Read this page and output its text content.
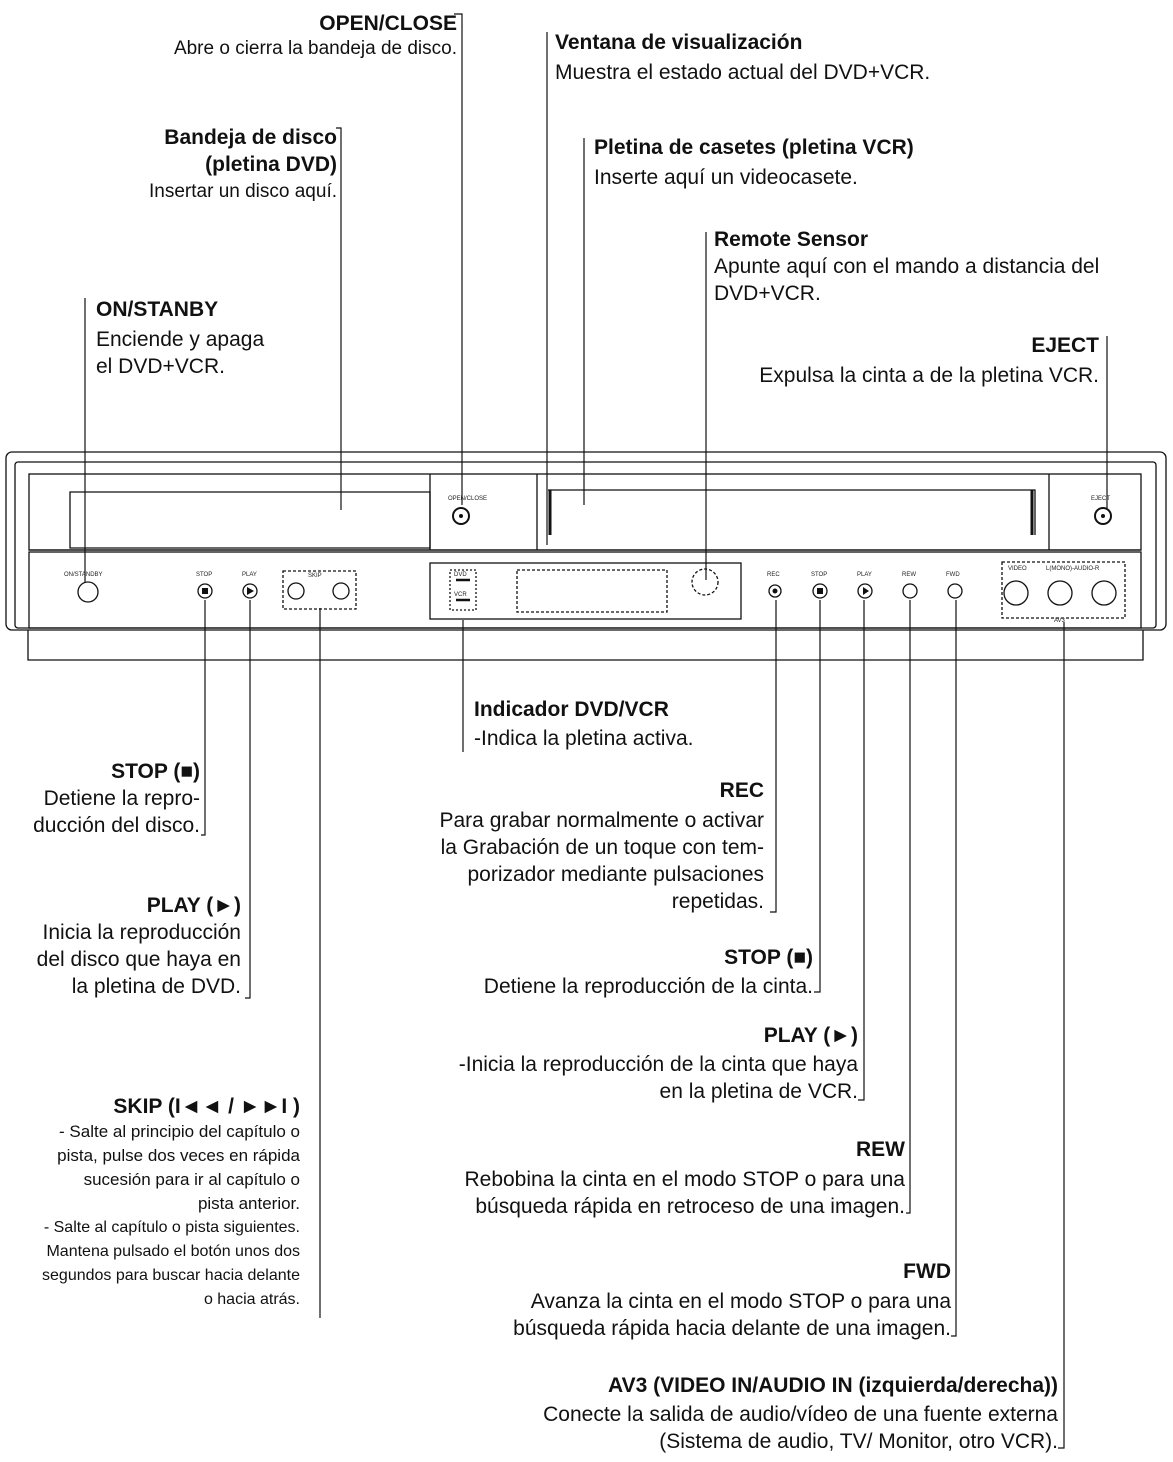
OPEN/CLOSE
Abre o cierra la bandeja de disco.	Ventana de visualización
Muestra el estado actual del DVD+VCR.
Bandeja de disco
(pletina DVD)
Insertar un disco aquí.
Pletina de casetes (pletina VCR)
Inserte aquí un videocasete.
Remote Sensor
Apunte aquí con el mando a distancia del
DVD+VCR.
ON/STANBY
Enciende y apaga
el DVD+VCR.
EJECT
Expulsa la cinta a de la pletina VCR.
Indicador DVD/VCR
-Indica la pletina activa.
STOP (■)
Detiene la repro-
ducción del disco.
REC
Para grabar normalmente o activar
la Grabación de un toque con tem-
porizador mediante pulsaciones
repetidas.
PLAY (►)
Inicia la reproducción
del disco que haya en
la pletina de DVD.
STOP (■)
Detiene la reproducción de la cinta.
PLAY (►)
-Inicia la reproducción de la cinta que haya
en la pletina de VCR.
SKIP (I◄◄ / ►►I )
- Salte al principio del capítulo o
pista, pulse dos veces en rápida
sucesión para ir al capítulo o
pista anterior.
- Salte al capítulo o pista siguientes.
Mantena pulsado el botón unos dos
segundos para buscar hacia delante
o hacia atrás.
REW
Rebobina la cinta en el modo STOP o para una
búsqueda rápida en retroceso de una imagen.
FWD
Avanza la cinta en el modo STOP o para una
búsqueda rápida hacia delante de una imagen.
AV3 (VIDEO IN/AUDIO IN (izquierda/derecha))
Conecte la salida de audio/vídeo de una fuente externa
(Sistema de audio, TV/ Monitor, otro VCR).
OPEN/CLOSE	EJECT
ON/STANDBY	STOP	PLAY	SKIP	DVD
VCR
REC	STOP	PLAY	REW	FWD
VIDEO	L(MONO)-AUDIO-R
AV3
